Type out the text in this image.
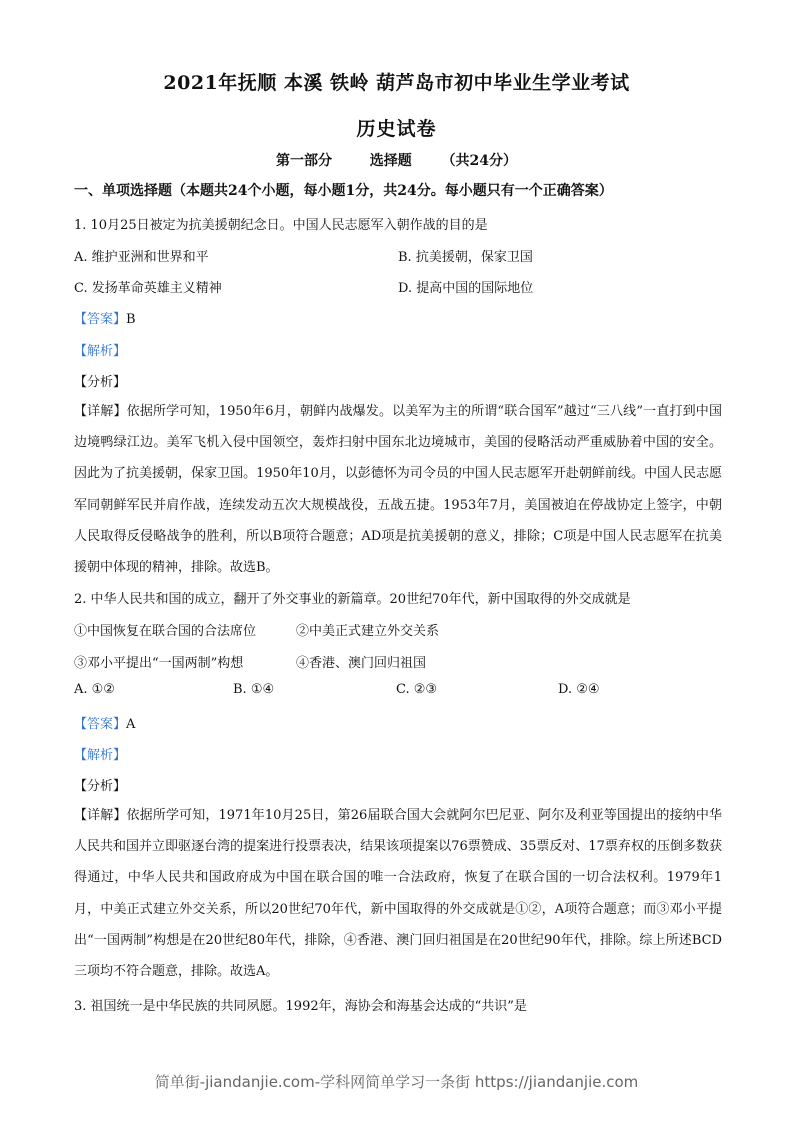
2021年抚顺 本溪 铁岭 葫芦岛市初中毕业生学业考试
历史试卷
第一部分	选择题 （共24分）
一、单项选择题（本题共24个小题，每小题1分，共24分。每小题只有一个正确答案）
1. 10月25日被定为抗美援朝纪念日。中国人民志愿军入朝作战的目的是
A. 维护亚洲和世界和平	B. 抗美援朝，保家卫国
C. 发扬革命英雄主义精神	D. 提高中国的国际地位
【答案】B
【解析】
【分析】
【详解】依据所学可知，1950年6月，朝鲜内战爆发。以美军为主的所谓“联合国军”越过“三八线”一直打到中国边境鸭绿江边。美军飞机入侵中国领空，轰炸扫射中国东北边境城市，美国的侵略活动严重威胁着中国的安全。因此为了抗美援朝，保家卫国。1950年10月，以彭德怀为司令员的中国人民志愿军开赴朝鲜前线。中国人民志愿军同朝鲜军民并肩作战，连续发动五次大规模战役，五战五捷。1953年7月，美国被迫在停战协定上签字，中朝人民取得反侵略战争的胜利，所以B项符合题意；AD项是抗美援朝的意义，排除；C项是中国人民志愿军在抗美援朝中体现的精神，排除。故选B。
2. 中华人民共和国的成立，翻开了外交事业的新篇章。20世纪70年代，新中国取得的外交成就是
①中国恢复在联合国的合法席位	②中美正式建立外交关系
③邓小平提出“一国两制”构想	④香港、澳门回归祖国
A. ①②	B. ①④	C. ②③	D. ②④
【答案】A
【解析】
【分析】
【详解】依据所学可知，1971年10月25日，第26届联合国大会就阿尔巴尼亚、阿尔及利亚等国提出的接纳中华人民共和国并立即驱逐台湾的提案进行投票表决，结果该项提案以76票赞成、35票反对、17票弃权的压倒多数获得通过，中华人民共和国政府成为中国在联合国的唯一合法政府，恢复了在联合国的一切合法权利。1979年1月，中美正式建立外交关系，所以20世纪70年代，新中国取得的外交成就是①②，A项符合题意；而③邓小平提出“一国两制”构想是在20世纪80年代，排除，④香港、澳门回归祖国是在20世纪90年代，排除。综上所述BCD三项均不符合题意，排除。故选A。
3. 祖国统一是中华民族的共同夙愿。1992年，海协会和海基会达成的“共识”是
简单街-jiandanjie.com-学科网简单学习一条街 https://jiandanjie.com
